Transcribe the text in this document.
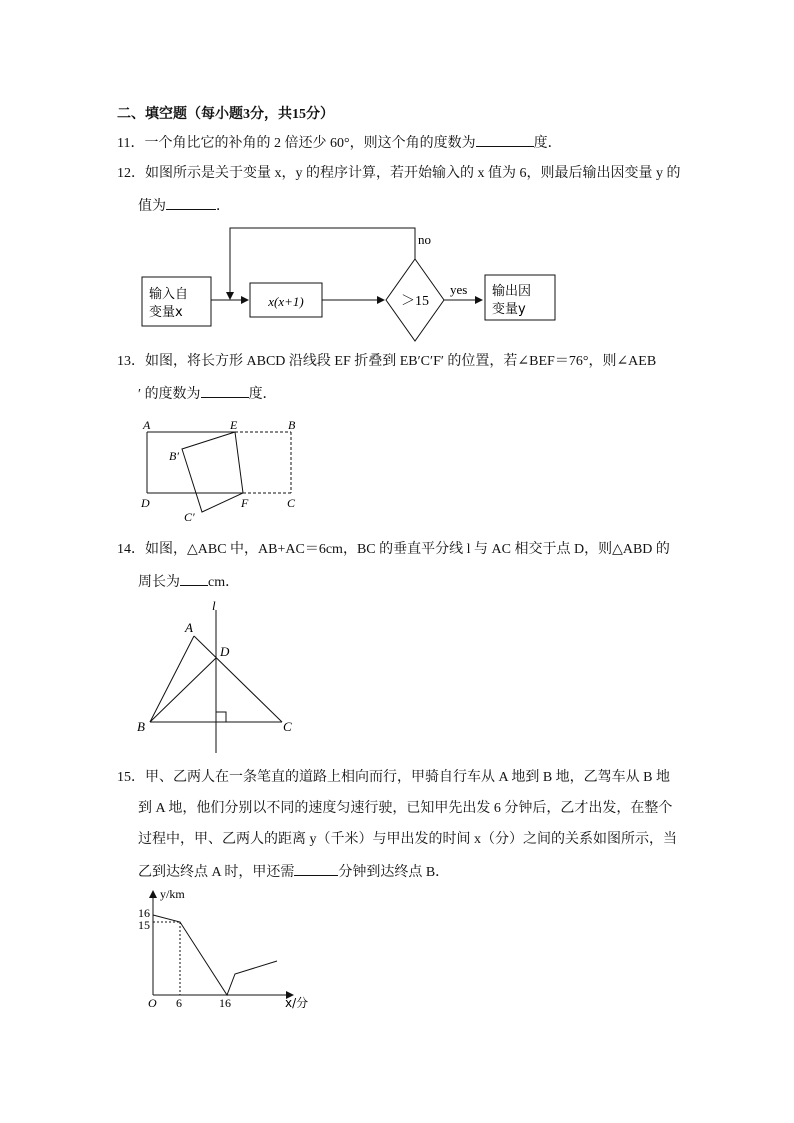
二、填空题（每小题3分，共15分）
11．一个角比它的补角的 2 倍还少 60°，则这个角的度数为	度．
12．如图所示是关于变量 x，y 的程序计算，若开始输入的 x 值为 6，则最后输出因变量 y 的
值为	．
输入自
变量x
x(x+1)	＞15
no
yes 输出因
变量y
13．如图，将长方形 ABCD 沿线段 EF 折叠到 EB′C′F′ 的位置，若∠BEF＝76°，则∠AEB
′ 的度数为	度．
A	E	B
B′
D	F	C
C′
14．如图，△ABC 中，AB+AC＝6cm，BC 的垂直平分线 l 与 AC 相交于点 D，则△ABD 的
周长为 cm．
l
A
D
B	C
15．甲、乙两人在一条笔直的道路上相向而行，甲骑自行车从 A 地到 B 地，乙驾车从 B 地
到 A 地，他们分别以不同的速度匀速行驶，已知甲先出发 6 分钟后，乙才出发，在整个
过程中，甲、乙两人的距离 y（千米）与甲出发的时间 x（分）之间的关系如图所示，当
乙到达终点 A 时，甲还需	分钟到达终点 B．
y/km
x/分
O
16
15
6	16
